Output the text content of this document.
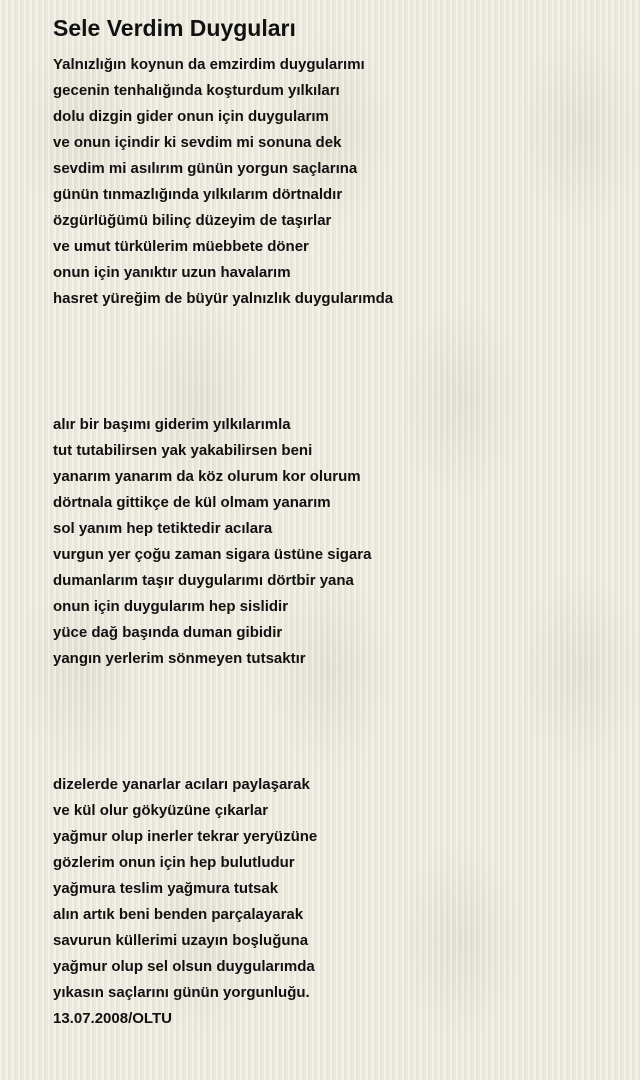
Sele Verdim Duyguları
Yalnızlığın koynun da emzirdim duygularımı
gecenin tenhalığında koşturdum yılkıları
dolu dizgin gider onun için duygularım
ve onun içindir ki sevdim mi sonuna dek
sevdim mi asılırım günün yorgun saçlarına
günün tınmazlığında yılkılarım dörtnaldır
özgürlüğümü bilinç düzeyim de taşırlar
ve umut türkülerim müebbete döner
onun için yanıktır uzun havalarım
hasret yüreğim de büyür yalnızlık duygularımda
alır bir başımı giderim yılkılarımla
tut tutabilirsen yak yakabilirsen beni
yanarım yanarım da köz olurum kor olurum
dörtnala gittikçe de kül olmam yanarım
sol yanım hep tetiktedir acılara
vurgun yer çoğu zaman sigara üstüne sigara
dumanlarım taşır duygularımı dörtbir yana
onun için duygularım hep sislidir
yüce dağ başında duman gibidir
yangın yerlerim sönmeyen tutsaktır
dizelerde yanarlar acıları paylaşarak
ve kül olur gökyüzüne çıkarlar
yağmur olup inerler tekrar yeryüzüne
gözlerim onun için hep bulutludur
yağmura teslim yağmura tutsak
alın artık beni benden parçalayarak
savurun küllerimi uzayın boşluğuna
yağmur olup sel olsun duygularımda
yıkasın saçlarını günün yorgunluğu.
13.07.2008/OLTU
